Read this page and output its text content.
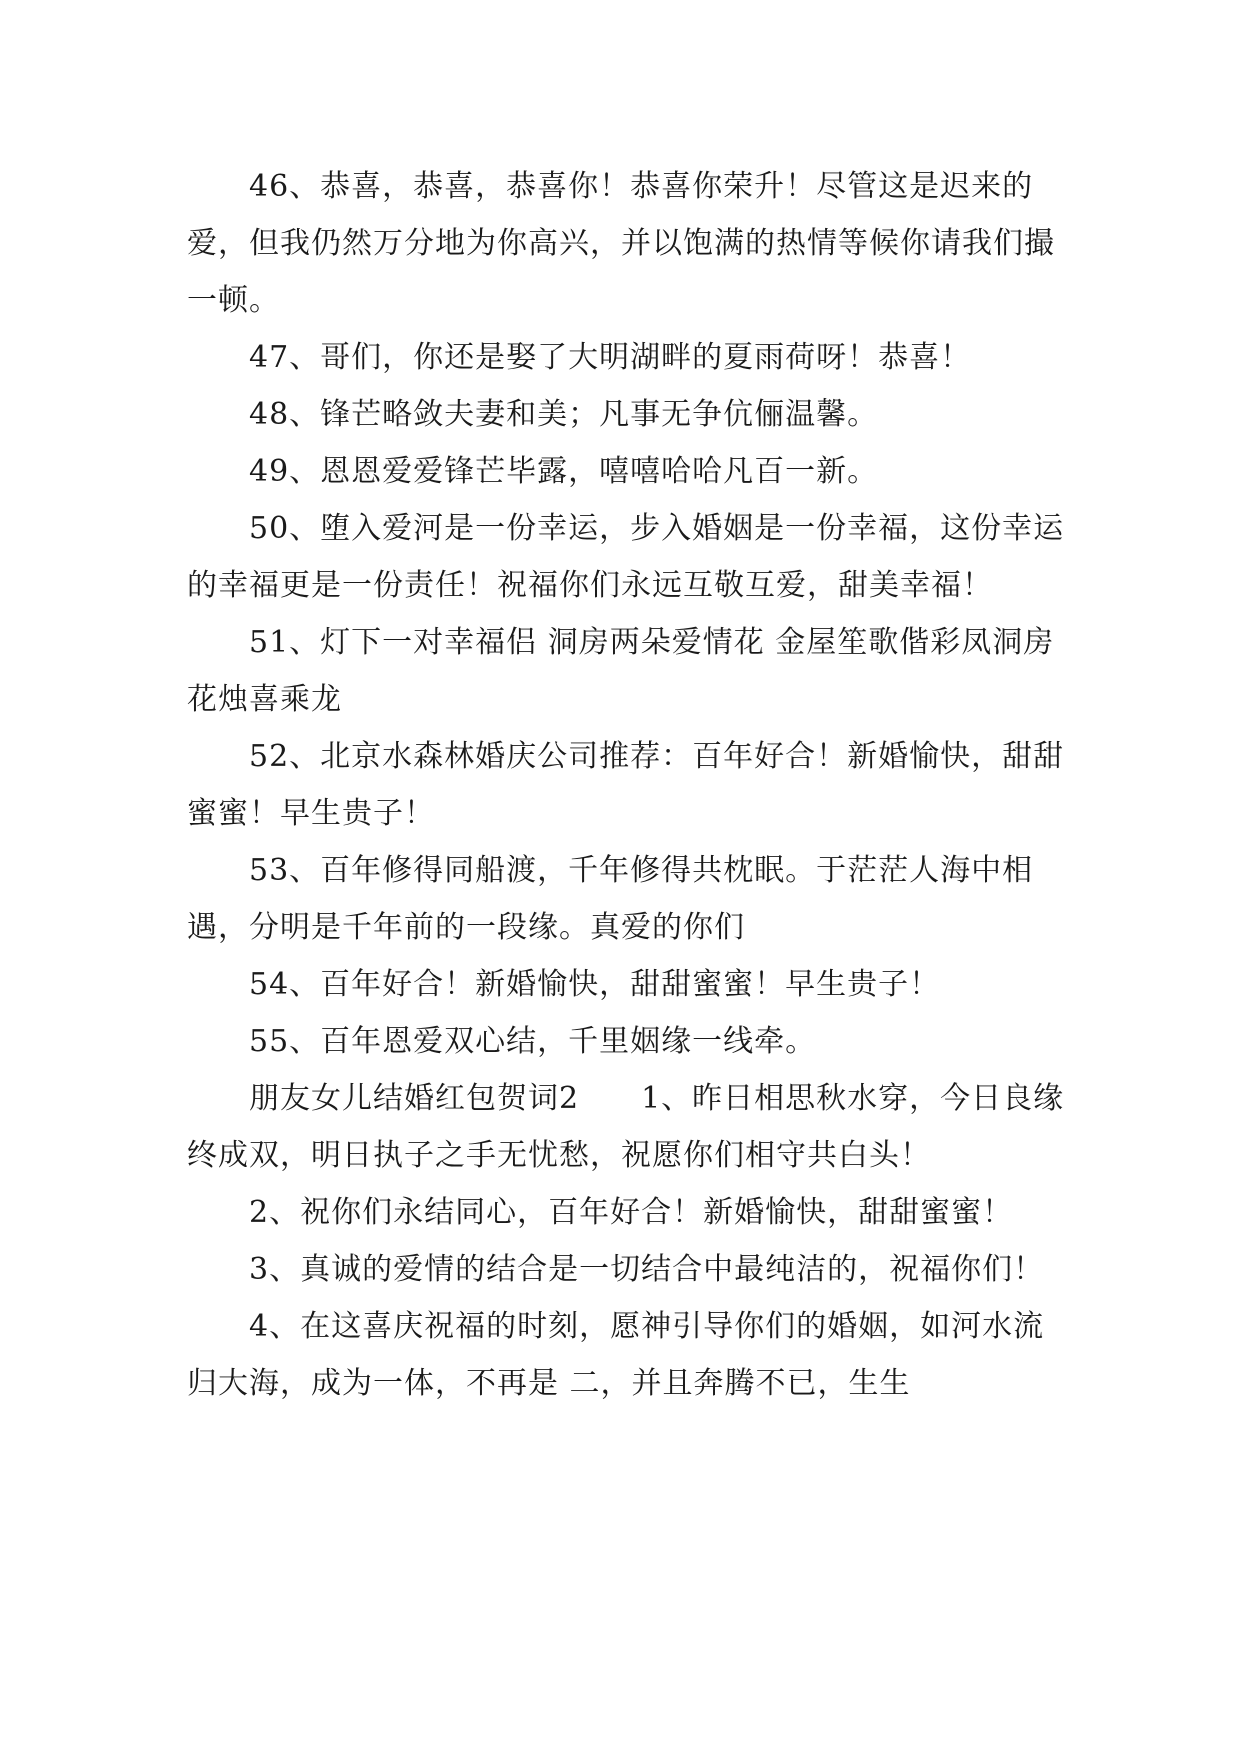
46、恭喜，恭喜，恭喜你！恭喜你荣升！尽管这是迟来的爱，但我仍然万分地为你高兴，并以饱满的热情等候你请我们撮一顿。

47、哥们，你还是娶了大明湖畔的夏雨荷呀！恭喜！

48、锋芒略敛夫妻和美；凡事无争伉俪温馨。

49、恩恩爱爱锋芒毕露，嘻嘻哈哈凡百一新。

50、堕入爱河是一份幸运，步入婚姻是一份幸福，这份幸运的幸福更是一份责任！祝福你们永远互敬互爱，甜美幸福！

51、灯下一对幸福侣 洞房两朵爱情花 金屋笙歌偕彩凤洞房花烛喜乘龙

52、北京水森林婚庆公司推荐：百年好合！新婚愉快，甜甜蜜蜜！早生贵子！

53、百年修得同船渡，千年修得共枕眠。于茫茫人海中相遇，分明是千年前的一段缘。真爱的你们

54、百年好合！新婚愉快，甜甜蜜蜜！早生贵子！

55、百年恩爱双心结，千里姻缘一线牵。

朋友女儿结婚红包贺词2　　1、昨日相思秋水穿，今日良缘终成双，明日执子之手无忧愁，祝愿你们相守共白头！

2、祝你们永结同心，百年好合！新婚愉快，甜甜蜜蜜！

3、真诚的爱情的结合是一切结合中最纯洁的，祝福你们！

4、在这喜庆祝福的时刻，愿神引导你们的婚姻，如河水流归大海，成为一体，不再是 二，并且奔腾不已，生生
